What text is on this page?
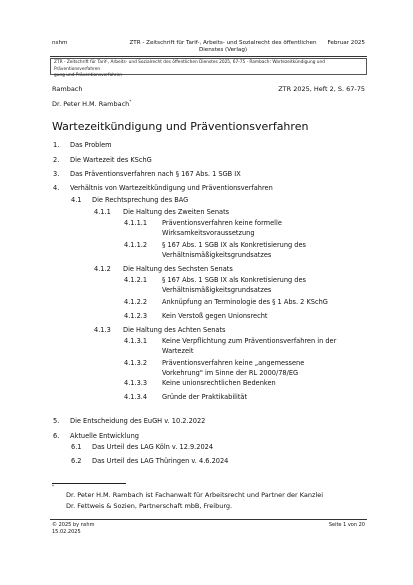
nshm	ZTR - Zeitschrift für Tarif-, Arbeits- und Sozialrecht des öffentlichen
Dienstes (Verlag)
Februar 2025
ZTR - Zeitschrift für Tarif-, Arbeits- und Sozialrecht des öffentlichen Dienstes 2025, 67-75 · Rambach: Wartezeitkündigung und Präventionsverfahren
gung und Präventionsverfahren
Rambach	ZTR 2025, Heft 2, S. 67-75
Dr. Peter H.M. Rambach*
Wartezeitkündigung und Präventionsverfahren
1. Das Problem
2. Die Wartezeit des KSchG
3. Das Präventionsverfahren nach § 167 Abs. 1 SGB IX
4. Verhältnis von Wartezeitkündigung und Präventionsverfahren
4.1 Die Rechtsprechung des BAG
4.1.1 Die Haltung des Zweiten Senats
4.1.1.1 Präventionsverfahren keine formelle
Wirksamkeitsvoraussetzung
4.1.1.2 § 167 Abs. 1 SGB IX als Konkretisierung des
Verhältnismäßigkeitsgrundsatzes
4.1.2 Die Haltung des Sechsten Senats
4.1.2.1 § 167 Abs. 1 SGB IX als Konkretisierung des
Verhältnismäßigkeitsgrundsatzes
4.1.2.2 Anknüpfung an Terminologie des § 1 Abs. 2 KSchG
4.1.2.3 Kein Verstoß gegen Unionsrecht
4.1.3 Die Haltung des Achten Senats
4.1.3.1 Keine Verpflichtung zum Präventionsverfahren in der
Wartezeit
4.1.3.2 Präventionsverfahren keine „angemessene
Vorkehrung" im Sinne der RL 2000/78/EG
4.1.3.3 Keine unionsrechtlichen Bedenken
4.1.3.4 Gründe der Praktikabilität
5. Die Entscheidung des EuGH v. 10.2.2022
6. Aktuelle Entwicklung
6.1 Das Urteil des LAG Köln v. 12.9.2024
6.2 Das Urteil des LAG Thüringen v. 4.6.2024
*
Dr. Peter H.M. Rambach ist Fachanwalt für Arbeitsrecht und Partner der Kanzlei
Dr. Fettweis & Sozien, Partnerschaft mbB, Freiburg.
© 2025 by nshm
15.02.2025
Seite 1 von 20
